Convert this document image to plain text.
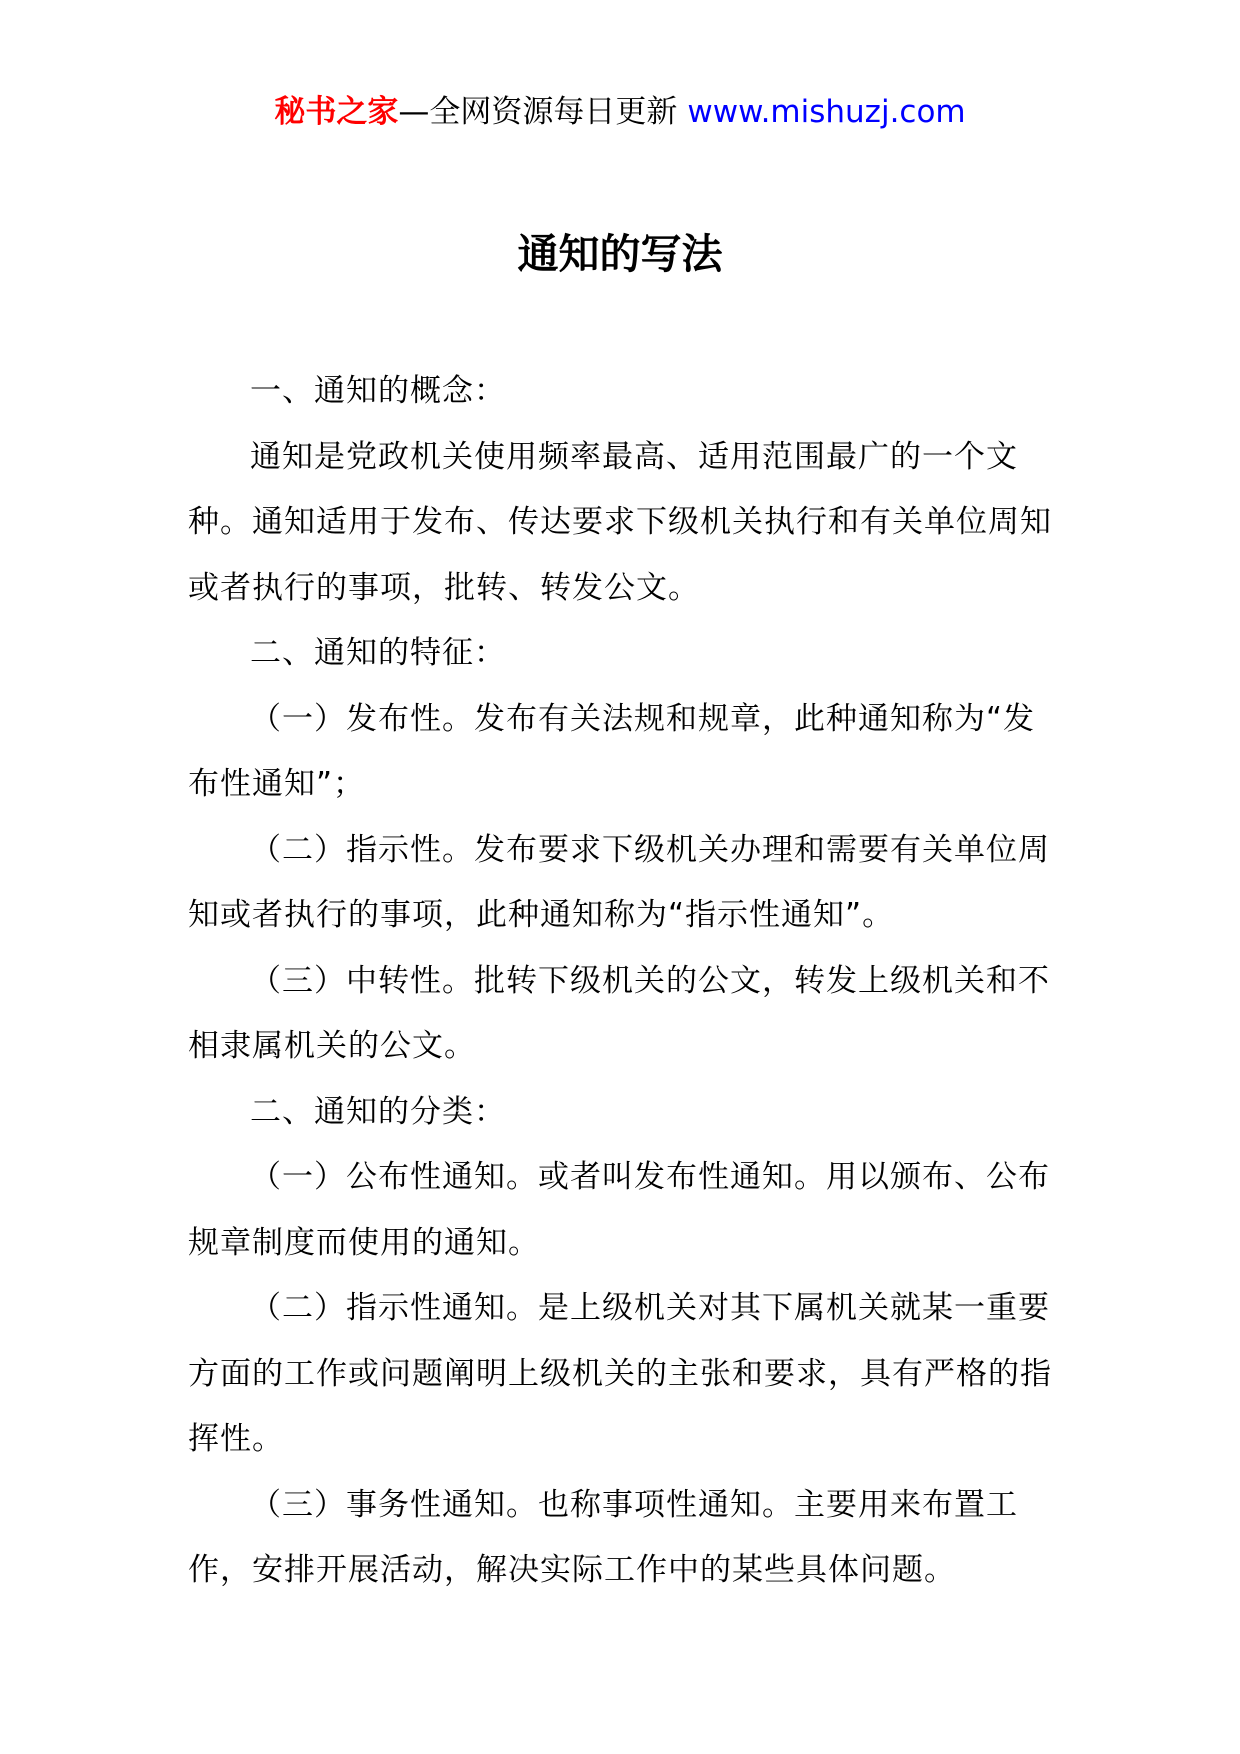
秘书之家—全网资源每日更新 www.mishuzj.com
通知的写法

一、通知的概念：

通知是党政机关使用频率最高、适用范围最广的一个文种。通知适用于发布、传达要求下级机关执行和有关单位周知或者执行的事项，批转、转发公文。

二、通知的特征：

（一）发布性。发布有关法规和规章，此种通知称为“发布性通知”；

（二）指示性。发布要求下级机关办理和需要有关单位周知或者执行的事项，此种通知称为“指示性通知”。

（三）中转性。批转下级机关的公文，转发上级机关和不相隶属机关的公文。

二、通知的分类：

（一）公布性通知。或者叫发布性通知。用以颁布、公布规章制度而使用的通知。

（二）指示性通知。是上级机关对其下属机关就某一重要方面的工作或问题阐明上级机关的主张和要求，具有严格的指挥性。

（三）事务性通知。也称事项性通知。主要用来布置工作，安排开展活动，解决实际工作中的某些具体问题。
